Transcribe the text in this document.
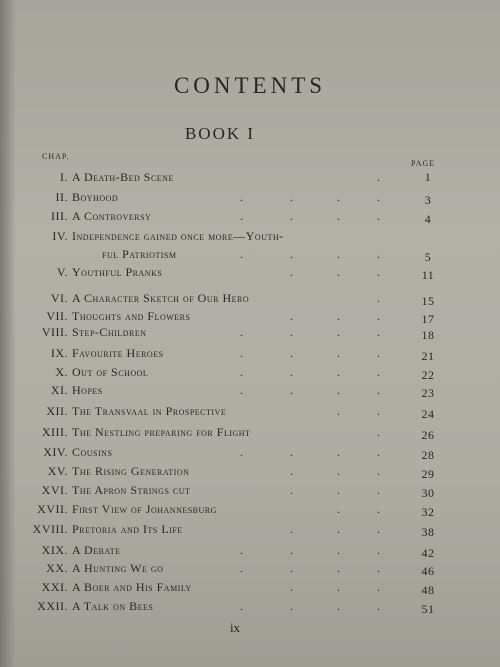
CONTENTS
BOOK I
CHAP.
PAGE
I. A Death-Bed Scene	.	1
II. Boyhood	.	.	.	.	3
III. A Controversy	.	.	.	.	4
IV. Independence gained once more—Youth-
ful Patriotism	.	.	.	.	5
V. Youthful Pranks	.	.	.	11
VI. A Character Sketch of Our Hero	.	15
VII. Thoughts and Flowers	.	.	.	17
VIII. Step-Children	.	.	.	.	18
IX. Favourite Heroes	.	.	.	.	21
X. Out of School	.	.	.	.	22
XI. Hopes	.	.	.	.	23
XII. The Transvaal in Prospective	.	.	24
XIII. The Nestling preparing for Flight	.	26
XIV. Cousins	.	.	.	.	28
XV. The Rising Generation	.	.	.	29
XVI. The Apron Strings cut	.	.	.	30
XVII. First View of Johannesburg	.	.	32
XVIII. Pretoria and Its Life	.	.	.	38
XIX. A Debate	.	.	.	.	42
XX. A Hunting We go	.	.	.	.	46
XXI. A Boer and His Family	.	.	.	48
XXII. A Talk on Bees	.	.	.	.	51
ix
